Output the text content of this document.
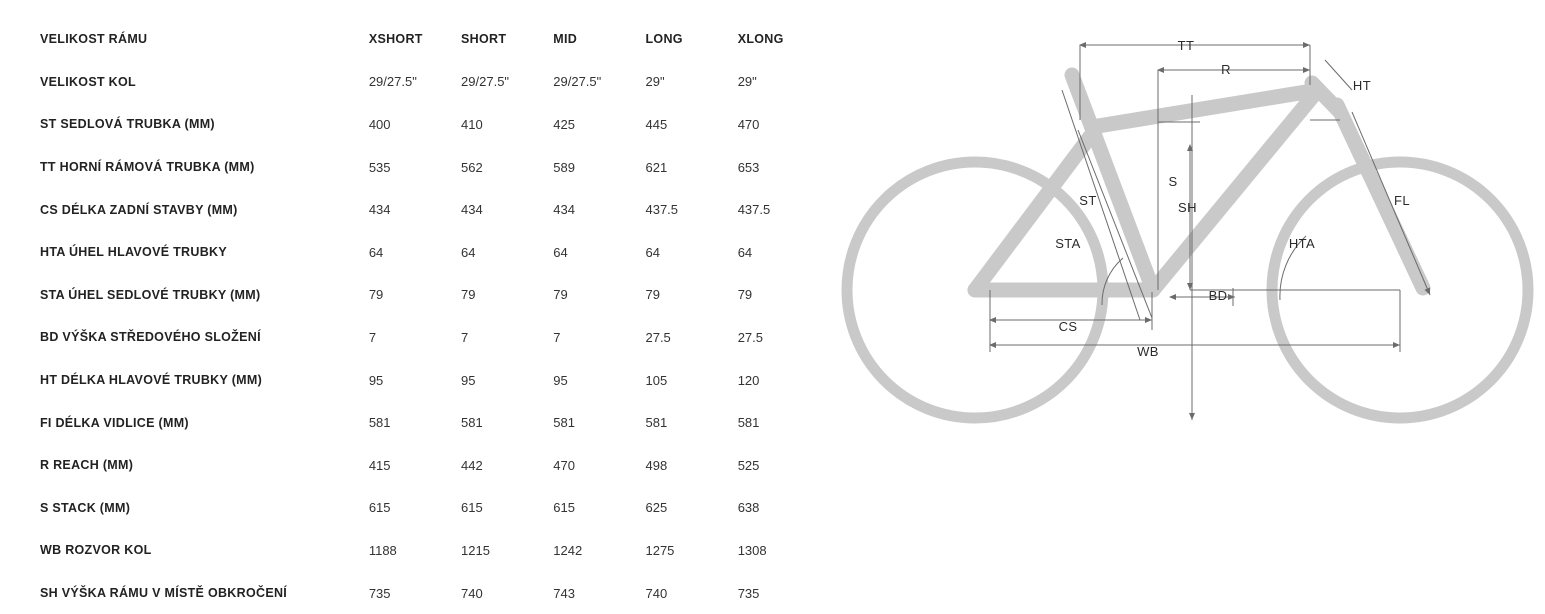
VELIKOST RÁMU	XSHORT	SHORT	MID	LONG	XLONG
VELIKOST KOL	29/27.5"	29/27.5"	29/27.5"	29"	29"
ST SEDLOVÁ TRUBKA (MM)	400	410	425	445	470
TT HORNÍ RÁMOVÁ TRUBKA (MM)	535	562	589	621	653
CS DÉLKA ZADNÍ STAVBY (MM)	434	434	434	437.5	437.5
HTA ÚHEL HLAVOVÉ TRUBKY	64	64	64	64	64
STA ÚHEL SEDLOVÉ TRUBKY (MM)	79	79	79	79	79
BD VÝŠKA STŘEDOVÉHO SLOŽENÍ	7	7	7	27.5	27.5
HT DÉLKA HLAVOVÉ TRUBKY (MM)	95	95	95	105	120
FI DÉLKA VIDLICE (MM)	581	581	581	581	581
R REACH (MM)	415	442	470	498	525
S STACK (MM)	615	615	615	625	638
WB ROZVOR KOL	1188	1215	1242	1275	1308
SH VÝŠKA RÁMU V MÍSTĚ OBKROČENÍ	735	740	743	740	735
TT
R
HT
ST
S
SH
STA
FL
HTA
BD
CS
WB
